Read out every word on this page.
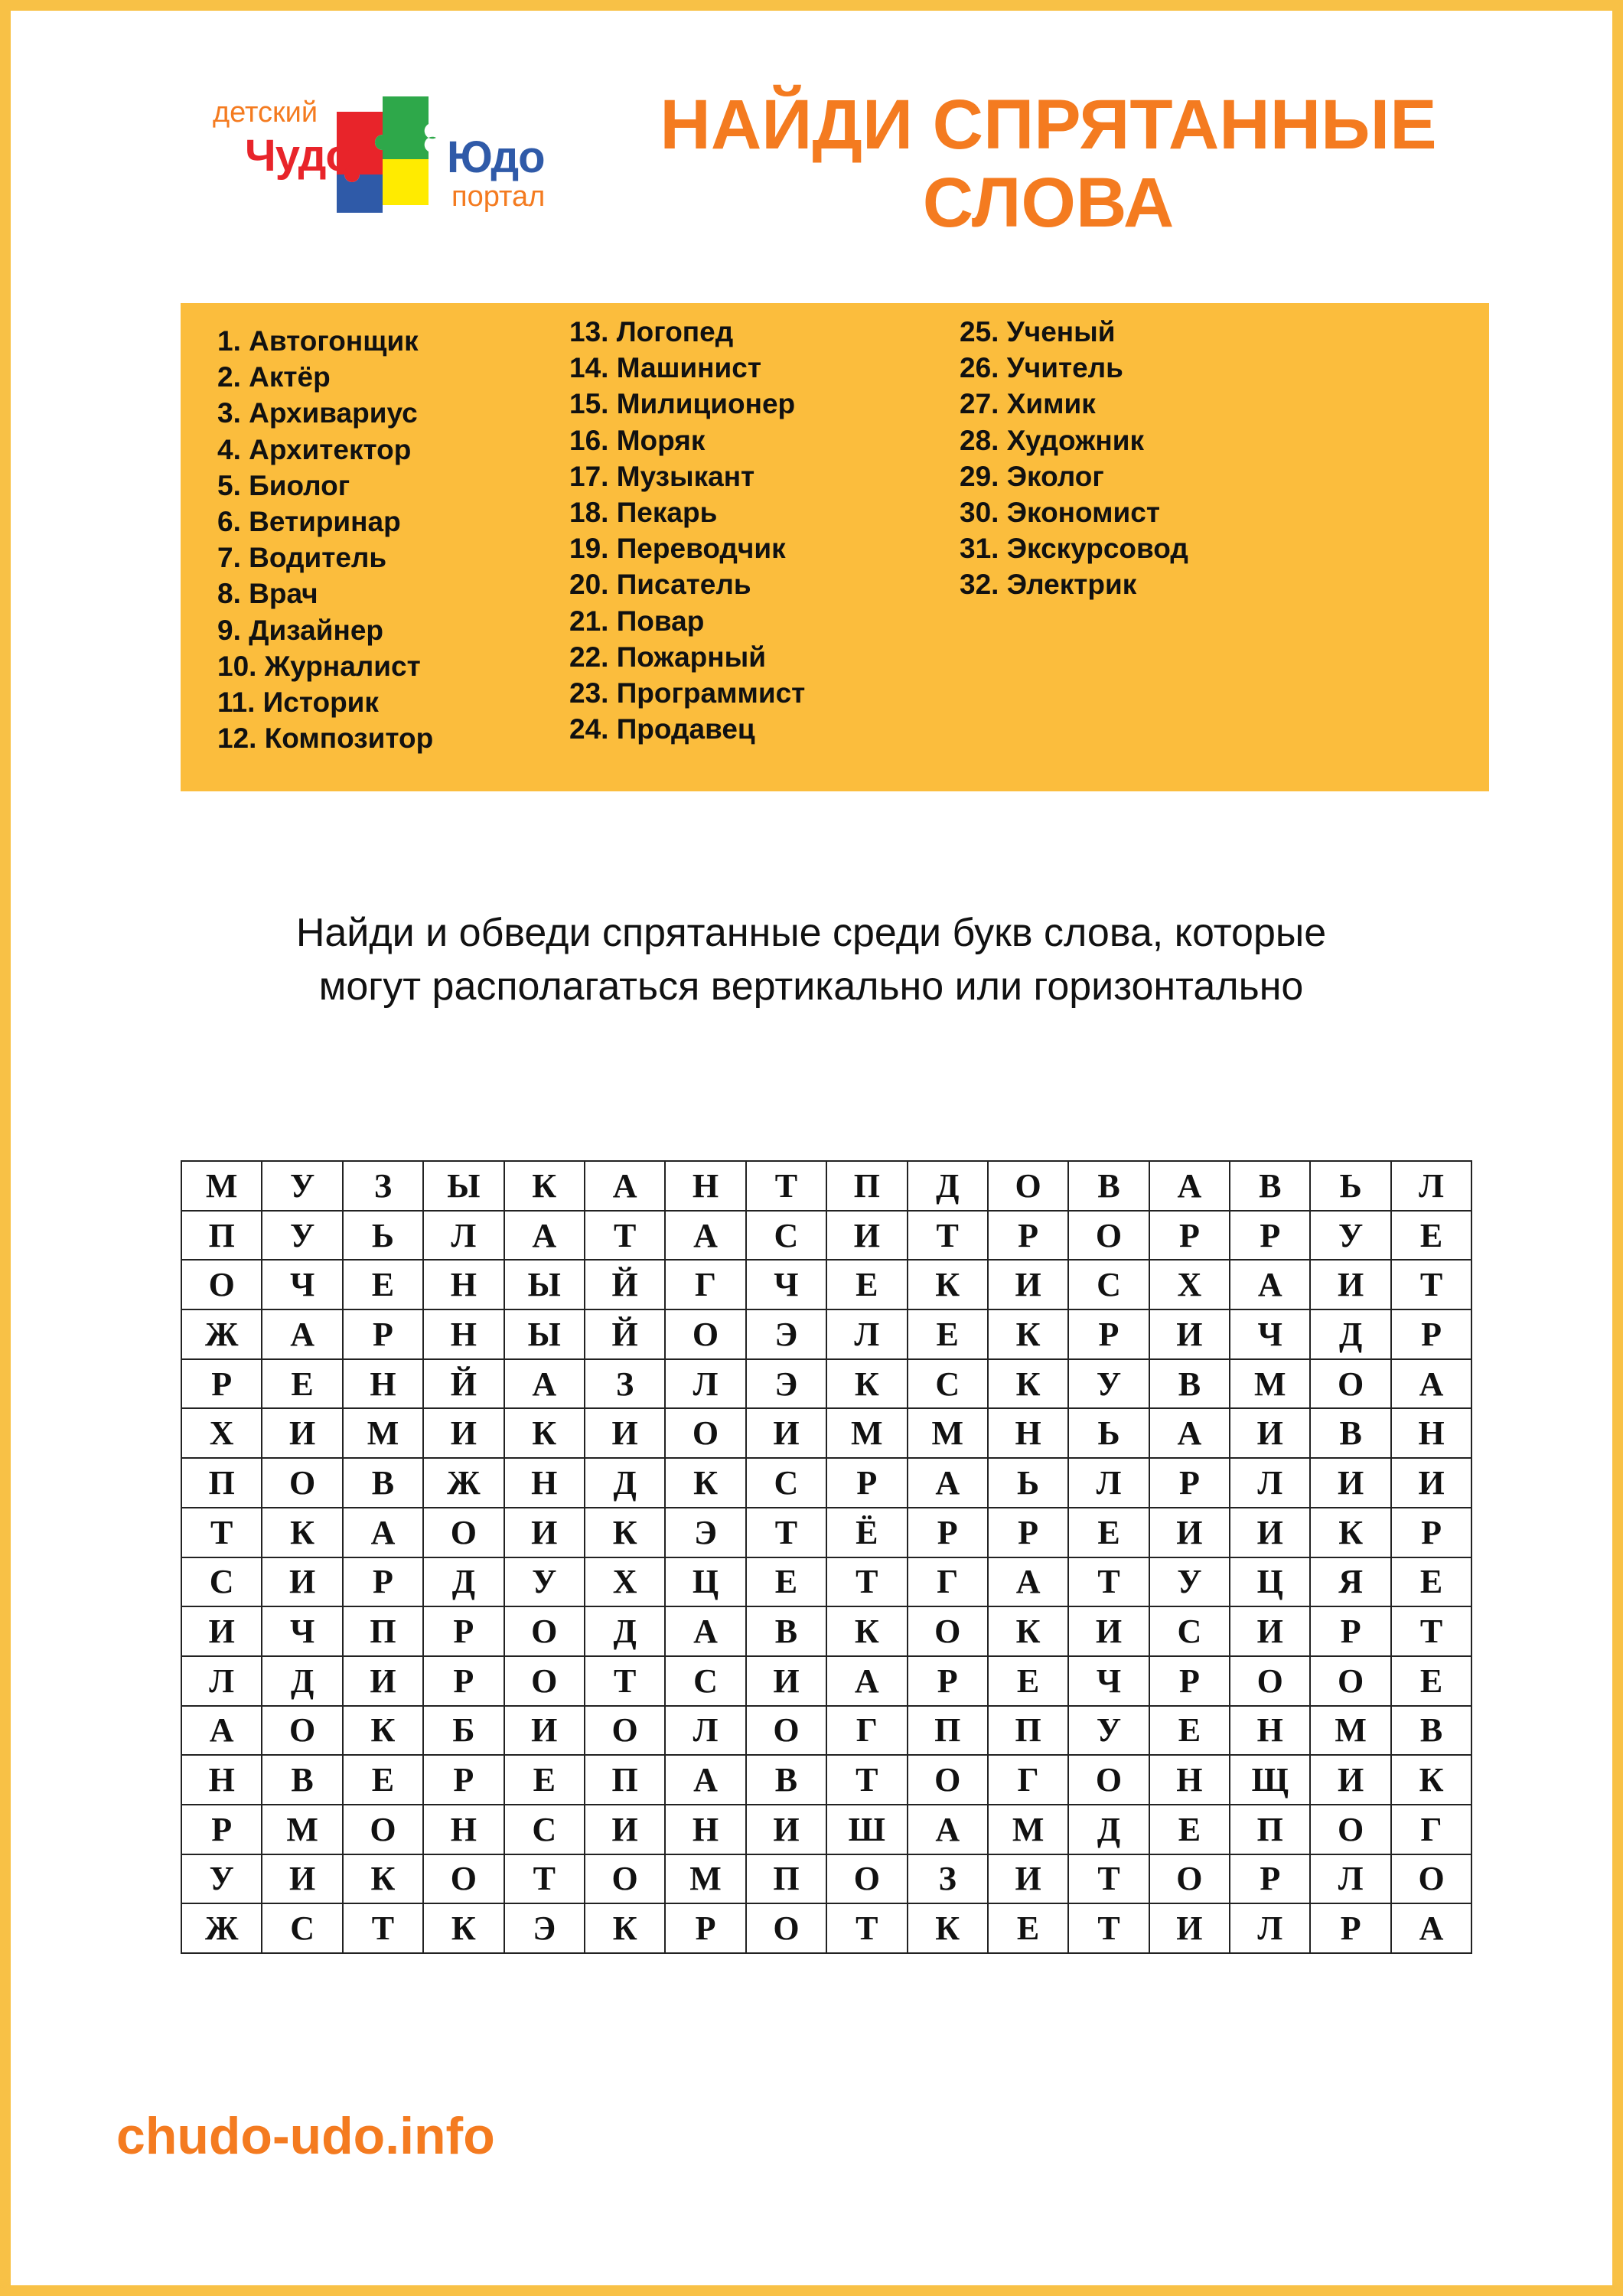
детский
Чудо Юдо
портал
НАЙДИ СПРЯТАННЫЕ
СЛОВА
1. Автогонщик
2. Актёр
3. Архивариус
4. Архитектор
5. Биолог
6. Ветиринар
7. Водитель
8. Врач
9. Дизайнер
10. Журналист
11. Историк
12. Композитор
13. Логопед
14. Машинист
15. Милиционер
16. Моряк
17. Музыкант
18. Пекарь
19. Переводчик
20. Писатель
21. Повар
22. Пожарный
23. Программист
24. Продавец
25. Ученый
26. Учитель
27. Химик
28. Художник
29. Эколог
30. Экономист
31. Экскурсовод
32. Электрик
Найди и обведи спрятанные среди букв слова, которые
могут располагаться вертикально или горизонтально
М	У	З	Ы	К	А	Н	Т	П	Д	О	В	А	В	Ь	Л
П	У	Ь	Л	А	Т	А	С	И	Т	Р	О	Р	Р	У	Е
О	Ч	Е	Н	Ы	Й	Г	Ч	Е	К	И	С	Х	А	И	Т
Ж	А	Р	Н	Ы	Й	О	Э	Л	Е	К	Р	И	Ч	Д	Р
Р	Е	Н	Й	А	З	Л	Э	К	С	К	У	В	М	О	А
Х	И	М	И	К	И	О	И	М	М	Н	Ь	А	И	В	Н
П	О	В	Ж	Н	Д	К	С	Р	А	Ь	Л	Р	Л	И	И
Т	К	А	О	И	К	Э	Т	Ё	Р	Р	Е	И	И	К	Р
С	И	Р	Д	У	Х	Ц	Е	Т	Г	А	Т	У	Ц	Я	Е
И	Ч	П	Р	О	Д	А	В	К	О	К	И	С	И	Р	Т
Л	Д	И	Р	О	Т	С	И	А	Р	Е	Ч	Р	О	О	Е
А	О	К	Б	И	О	Л	О	Г	П	П	У	Е	Н	М	В
Н	В	Е	Р	Е	П	А	В	Т	О	Г	О	Н	Щ	И	К
Р	М	О	Н	С	И	Н	И	Ш	А	М	Д	Е	П	О	Г
У	И	К	О	Т	О	М	П	О	З	И	Т	О	Р	Л	О
Ж	С	Т	К	Э	К	Р	О	Т	К	Е	Т	И	Л	Р	А
chudo-udo.info
